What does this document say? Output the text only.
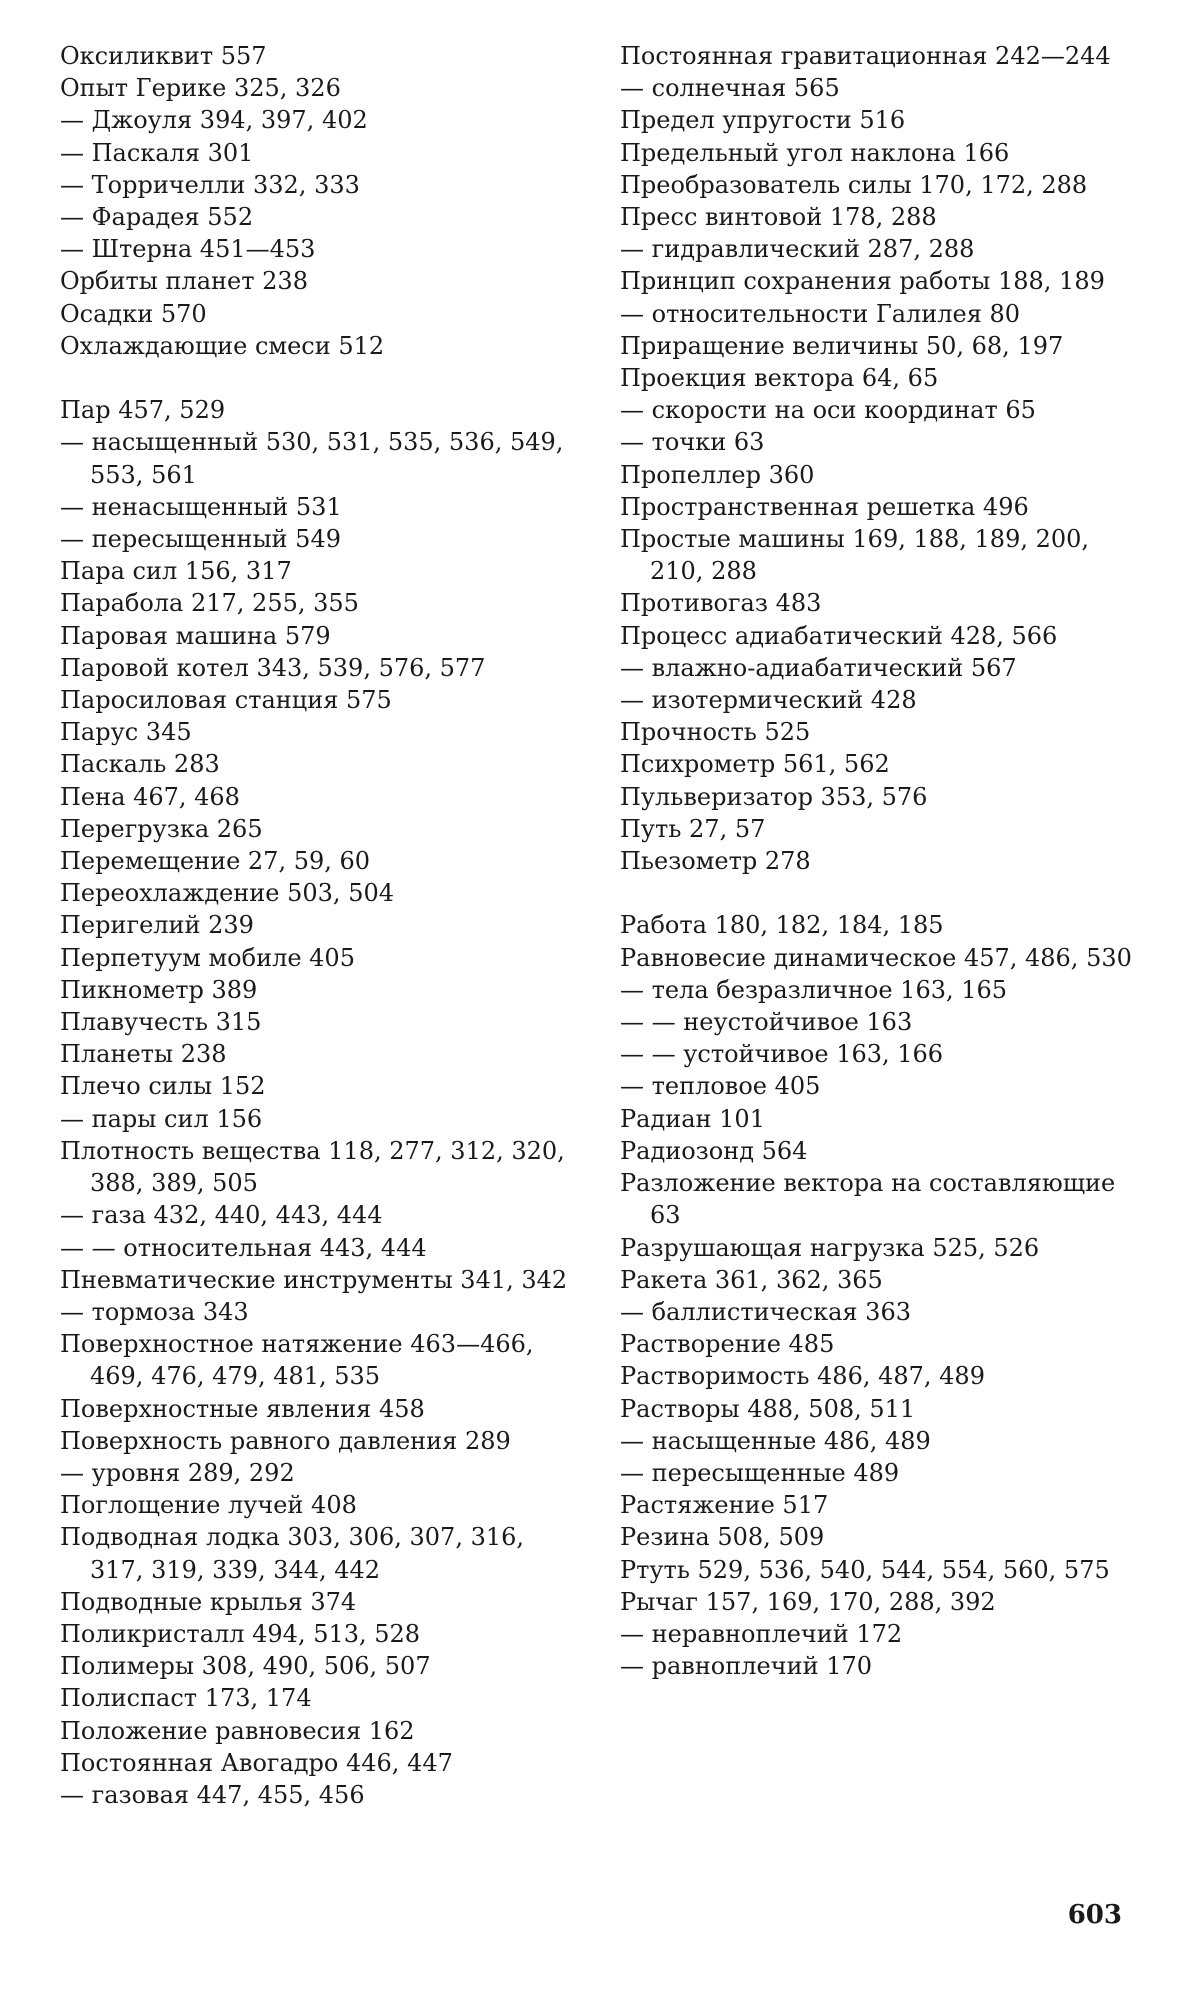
Оксиликвит 557
Опыт Герике 325, 326
— Джоуля 394, 397, 402
— Паскаля 301
— Торричелли 332, 333
— Фарадея 552
— Штерна 451—453
Орбиты планет 238
Осадки 570
Охлаждающие смеси 512
Пар 457, 529
— насыщенный 530, 531, 535, 536, 549, 553, 561
— ненасыщенный 531
— пересыщенный 549
Пара сил 156, 317
Парабола 217, 255, 355
Паровая машина 579
Паровой котел 343, 539, 576, 577
Паросиловая станция 575
Парус 345
Паскаль 283
Пена 467, 468
Перегрузка 265
Перемещение 27, 59, 60
Переохлаждение 503, 504
Перигелий 239
Перпетуум мобиле 405
Пикнометр 389
Плавучесть 315
Планеты 238
Плечо силы 152
— пары сил 156
Плотность вещества 118, 277, 312, 320, 388, 389, 505
— газа 432, 440, 443, 444
— — относительная 443, 444
Пневматические инструменты 341, 342
— тормоза 343
Поверхностное натяжение 463—466, 469, 476, 479, 481, 535
Поверхностные явления 458
Поверхность равного давления 289
— уровня 289, 292
Поглощение лучей 408
Подводная лодка 303, 306, 307, 316, 317, 319, 339, 344, 442
Подводные крылья 374
Поликристалл 494, 513, 528
Полимеры 308, 490, 506, 507
Полиспаст 173, 174
Положение равновесия 162
Постоянная Авогадро 446, 447
— газовая 447, 455, 456
Постоянная гравитационная 242—244
— солнечная 565
Предел упругости 516
Предельный угол наклона 166
Преобразователь силы 170, 172, 288
Пресс винтовой 178, 288
— гидравлический 287, 288
Принцип сохранения работы 188, 189
— относительности Галилея 80
Приращение величины 50, 68, 197
Проекция вектора 64, 65
— скорости на оси координат 65
— точки 63
Пропеллер 360
Пространственная решетка 496
Простые машины 169, 188, 189, 200, 210, 288
Противогаз 483
Процесс адиабатический 428, 566
— влажно-адиабатический 567
— изотермический 428
Прочность 525
Психрометр 561, 562
Пульверизатор 353, 576
Путь 27, 57
Пьезометр 278
Работа 180, 182, 184, 185
Равновесие динамическое 457, 486, 530
— тела безразличное 163, 165
— — неустойчивое 163
— — устойчивое 163, 166
— тепловое 405
Радиан 101
Радиозонд 564
Разложение вектора на составляющие 63
Разрушающая нагрузка 525, 526
Ракета 361, 362, 365
— баллистическая 363
Растворение 485
Растворимость 486, 487, 489
Растворы 488, 508, 511
— насыщенные 486, 489
— пересыщенные 489
Растяжение 517
Резина 508, 509
Ртуть 529, 536, 540, 544, 554, 560, 575
Рычаг 157, 169, 170, 288, 392
— неравноплечий 172
— равноплечий 170
603
